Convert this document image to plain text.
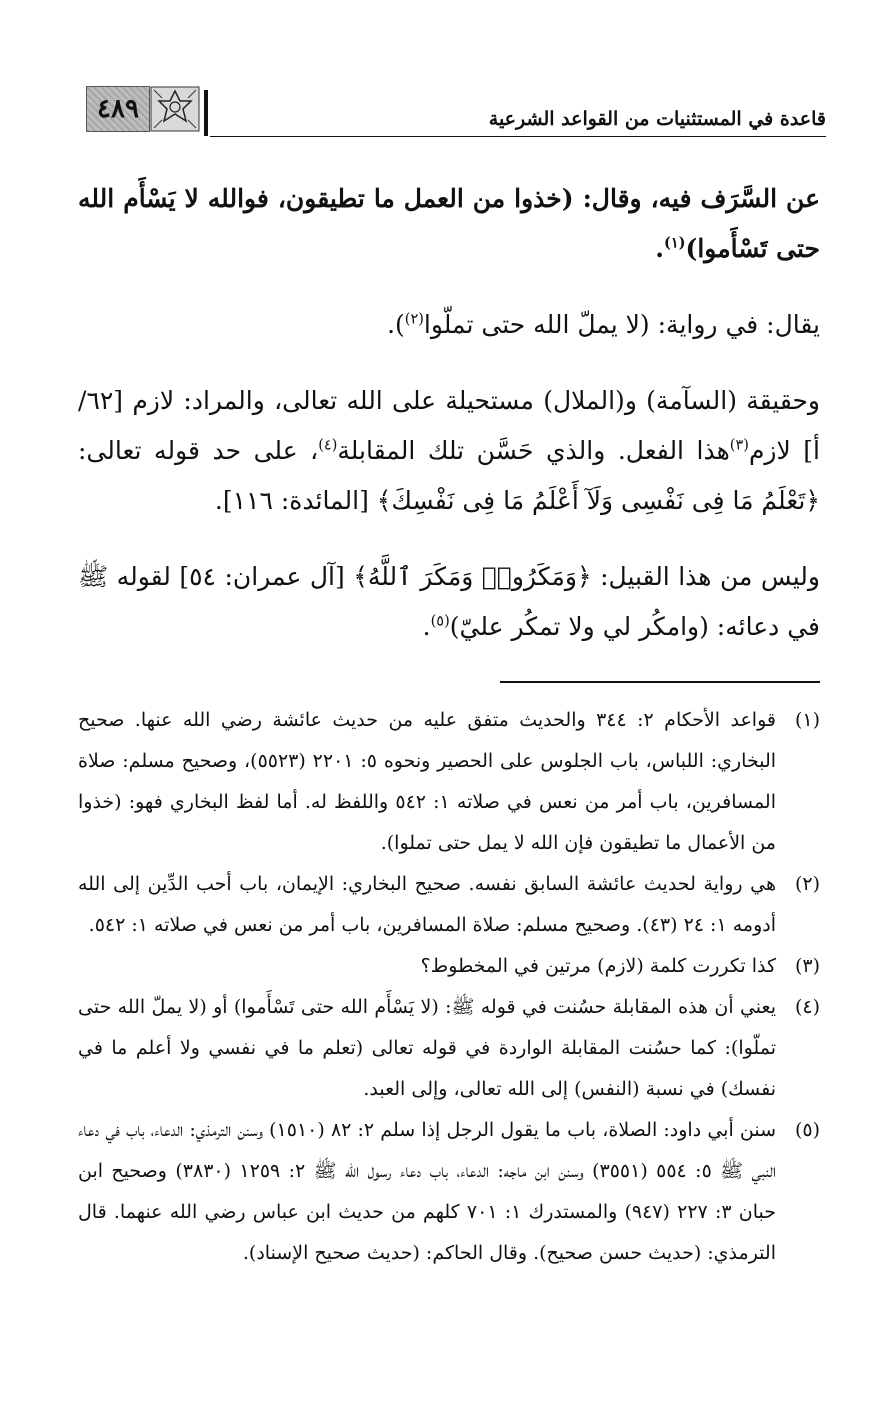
٤٨٩	قاعدة في المستثنيات من القواعد الشرعية

عن السَّرَف فيه، وقال: (خذوا من العمل ما تطيقون، فوالله لا يَسْأَم الله حتى تَسْأَموا)$^{(١)}$.

يقال: في رواية: (لا يملّ الله حتى تملّوا$^{(٢)}$).

وحقيقة (السآمة) و(الملال) مستحيلة على الله تعالى، والمراد: لازم [٦٢/أ] لازم$^{(٣)}$هذا الفعل. والذي حَسَّن تلك المقابلة$^{(٤)}$، على حد قوله تعالى: ﴿تَعْلَمُ مَا فِى نَفْسِى وَلَآ أَعْلَمُ مَا فِى نَفْسِكَ﴾ [المائدة: ١١٦].

وليس من هذا القبيل: ﴿وَمَكَرُوا۟ وَمَكَرَ ٱللَّهُ﴾ [آل عمران: ٥٤] لقوله ﷺ في دعائه: (وامكُر لي ولا تمكُر عليّ)$^{(٥)}$.

(١)
قواعد الأحكام ٢: ٣٤٤ والحديث متفق عليه من حديث عائشة رضي الله عنها. صحيح البخاري: اللباس، باب الجلوس على الحصير ونحوه ٥: ٢٢٠١ (٥٥٢٣)، وصحيح مسلم: صلاة المسافرين، باب أمر من نعس في صلاته ١: ٥٤٢ واللفظ له. أما لفظ البخاري فهو: (خذوا من الأعمال ما تطيقون فإن الله لا يمل حتى تملوا).
(٢)
هي رواية لحديث عائشة السابق نفسه. صحيح البخاري: الإيمان، باب أحب الدِّين إلى الله أدومه ١: ٢٤ (٤٣). وصحيح مسلم: صلاة المسافرين، باب أمر من نعس في صلاته ١: ٥٤٢.
(٣)
كذا تكررت كلمة (لازم) مرتين في المخطوط؟
(٤)
يعني أن هذه المقابلة حسُنت في قوله ﷺ: (لا يَسْأَم الله حتى تَسْأَموا) أو (لا يملّ الله حتى تملّوا): كما حسُنت المقابلة الواردة في قوله تعالى (تعلم ما في نفسي ولا أعلم ما في نفسك) في نسبة (النفس) إلى الله تعالى، وإلى العبد.
(٥)
سنن أبي داود: الصلاة، باب ما يقول الرجل إذا سلم ٢: ٨٢ (١٥١٠) وسنن الترمذي: الدعاء، باب في دعاء النبي ﷺ ٥: ٥٥٤ (٣٥٥١) وسنن ابن ماجه: الدعاء، باب دعاء رسول الله ﷺ ٢: ١٢٥٩ (٣٨٣٠) وصحيح ابن حبان ٣: ٢٢٧ (٩٤٧) والمستدرك ١: ٧٠١ كلهم من حديث ابن عباس رضي الله عنهما. قال الترمذي: (حديث حسن صحيح). وقال الحاكم: (حديث صحيح الإسناد).
